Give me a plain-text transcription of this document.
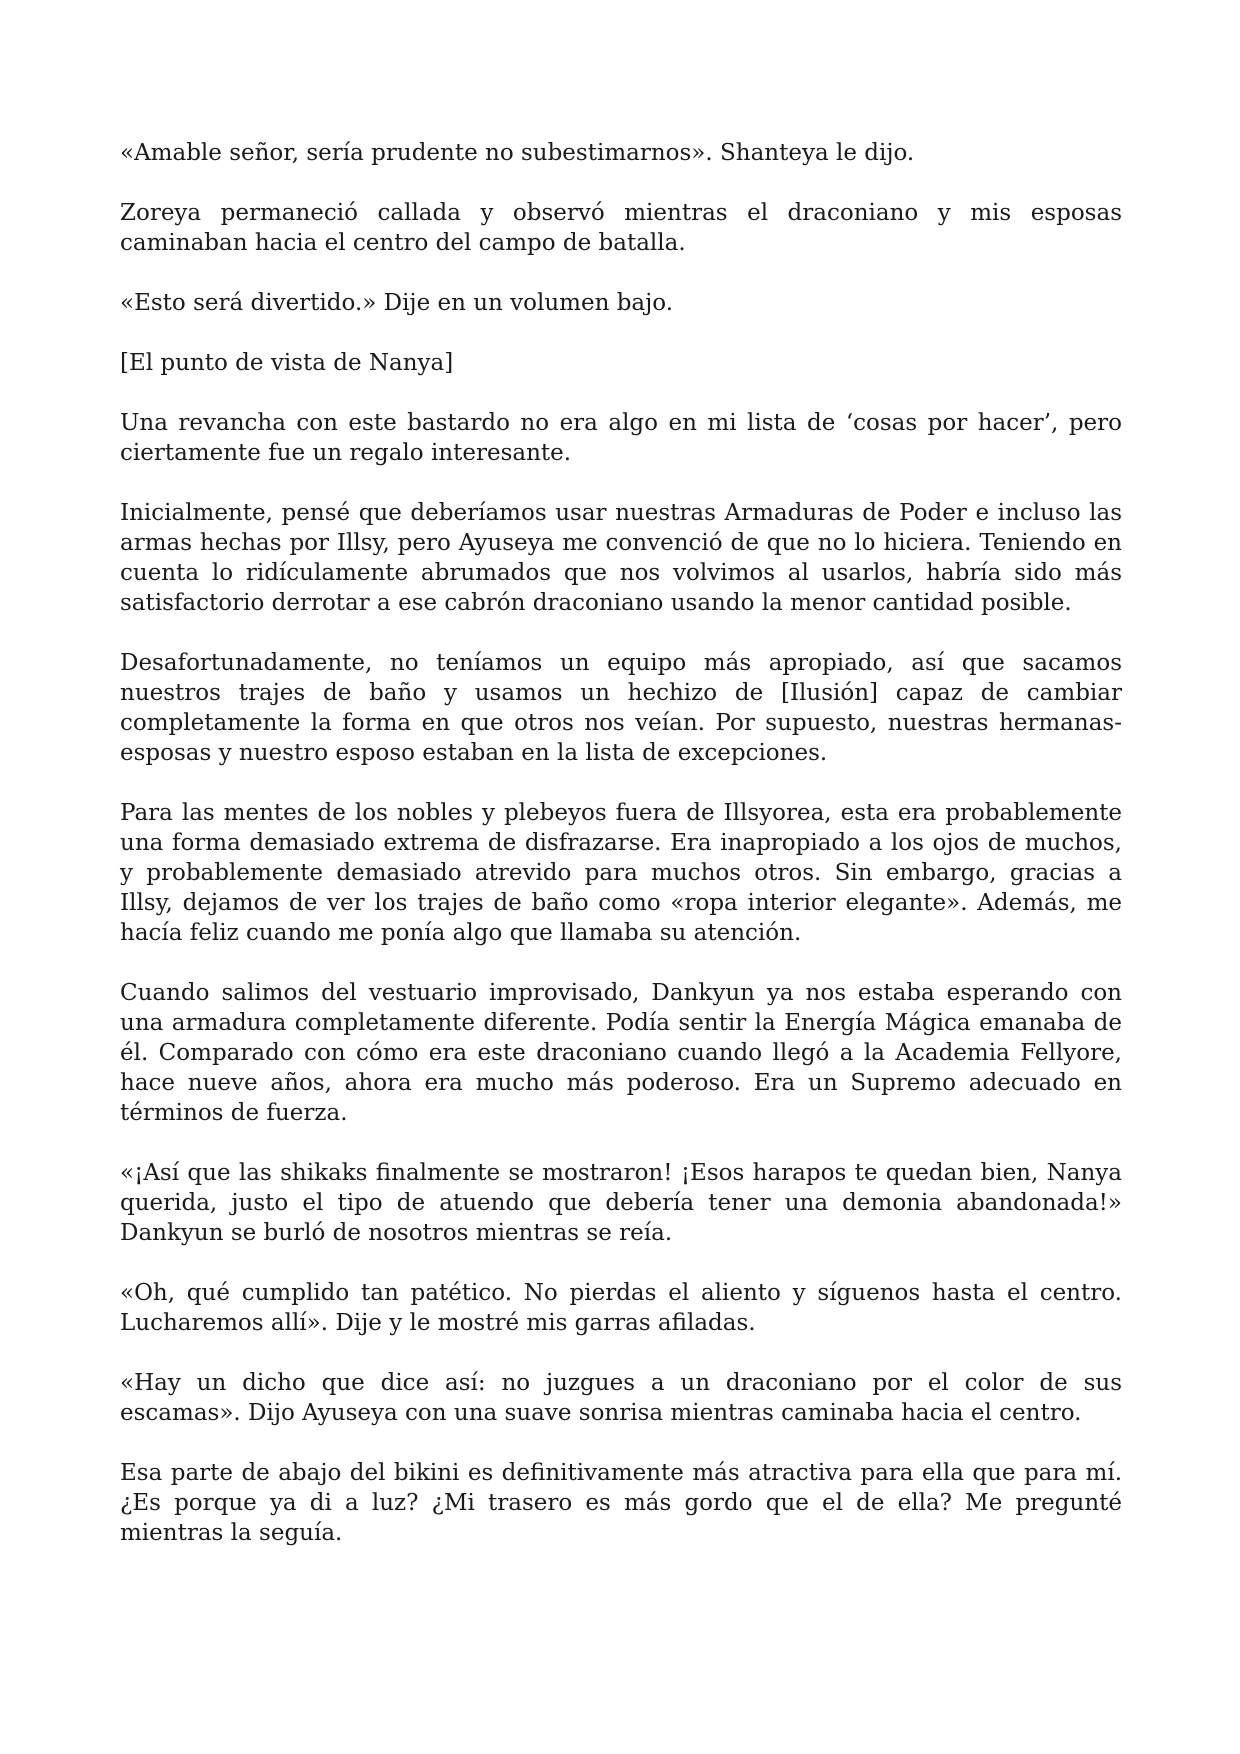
«Amable señor, sería prudente no subestimarnos». Shanteya le dijo.

Zoreya permaneció callada y observó mientras el draconiano y mis esposas caminaban hacia el centro del campo de batalla.

«Esto será divertido.» Dije en un volumen bajo.

[El punto de vista de Nanya]

Una revancha con este bastardo no era algo en mi lista de ‘cosas por hacer’, pero ciertamente fue un regalo interesante.

Inicialmente, pensé que deberíamos usar nuestras Armaduras de Poder e incluso las armas hechas por Illsy, pero Ayuseya me convenció de que no lo hiciera. Teniendo en cuenta lo ridículamente abrumados que nos volvimos al usarlos, habría sido más satisfactorio derrotar a ese cabrón draconiano usando la menor cantidad posible.

Desafortunadamente, no teníamos un equipo más apropiado, así que sacamos nuestros trajes de baño y usamos un hechizo de [Ilusión] capaz de cambiar completamente la forma en que otros nos veían. Por supuesto, nuestras hermanas-esposas y nuestro esposo estaban en la lista de excepciones.

Para las mentes de los nobles y plebeyos fuera de Illsyorea, esta era probablemente una forma demasiado extrema de disfrazarse. Era inapropiado a los ojos de muchos, y probablemente demasiado atrevido para muchos otros. Sin embargo, gracias a Illsy, dejamos de ver los trajes de baño como «ropa interior elegante». Además, me hacía feliz cuando me ponía algo que llamaba su atención.

Cuando salimos del vestuario improvisado, Dankyun ya nos estaba esperando con una armadura completamente diferente. Podía sentir la Energía Mágica emanaba de él. Comparado con cómo era este draconiano cuando llegó a la Academia Fellyore, hace nueve años, ahora era mucho más poderoso. Era un Supremo adecuado en términos de fuerza.

«¡Así que las shikaks finalmente se mostraron! ¡Esos harapos te quedan bien, Nanya querida, justo el tipo de atuendo que debería tener una demonia abandonada!» Dankyun se burló de nosotros mientras se reía.

«Oh, qué cumplido tan patético. No pierdas el aliento y síguenos hasta el centro. Lucharemos allí». Dije y le mostré mis garras afiladas.

«Hay un dicho que dice así: no juzgues a un draconiano por el color de sus escamas». Dijo Ayuseya con una suave sonrisa mientras caminaba hacia el centro.

Esa parte de abajo del bikini es definitivamente más atractiva para ella que para mí. ¿Es porque ya di a luz? ¿Mi trasero es más gordo que el de ella? Me pregunté mientras la seguía.
